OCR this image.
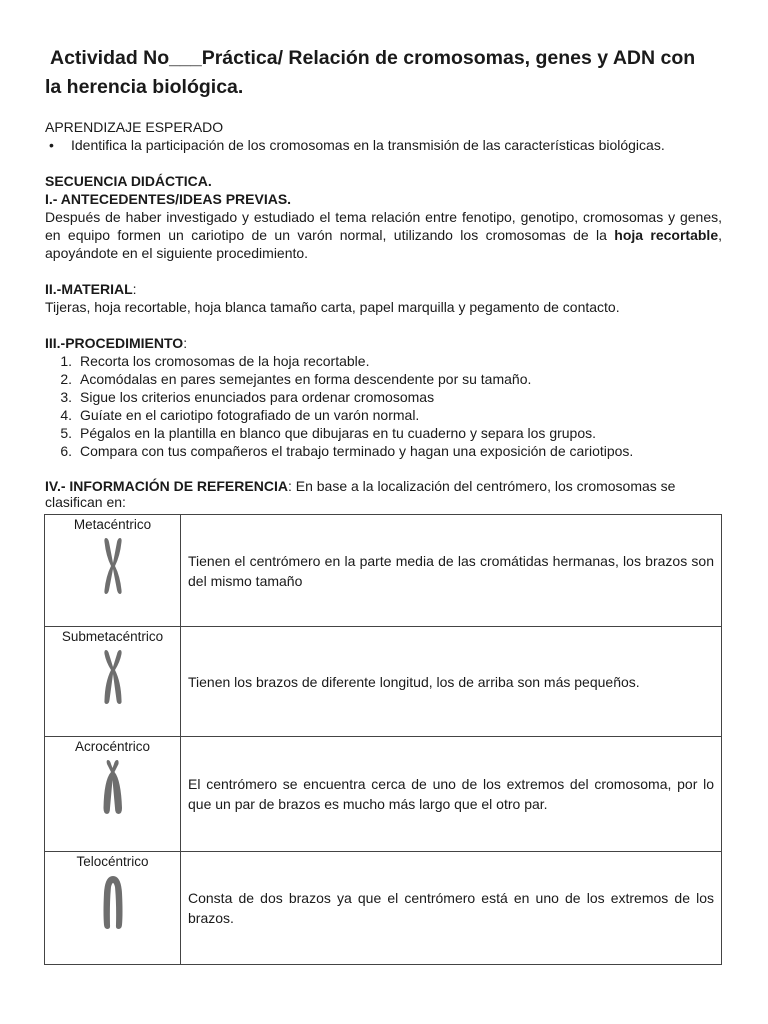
Actividad No___Práctica/ Relación de cromosomas, genes y ADN con
la herencia biológica.

APRENDIZAJE ESPERADO

•	Identifica la participación de los cromosomas en la transmisión de las características biológicas.

SECUENCIA DIDÁCTICA.

I.- ANTECEDENTES/IDEAS PREVIAS.

Después de haber investigado y estudiado el tema relación entre fenotipo, genotipo, cromosomas y genes, en equipo formen un cariotipo de un varón normal, utilizando los cromosomas de la hoja recortable, apoyándote en el siguiente procedimiento.

II.-MATERIAL:

Tijeras, hoja recortable, hoja blanca tamaño carta, papel marquilla y pegamento de contacto.

III.-PROCEDIMIENTO:

1. Recorta los cromosomas de la hoja recortable.
2. Acomódalas en pares semejantes en forma descendente por su tamaño.
3. Sigue los criterios enunciados para ordenar cromosomas
4. Guíate en el cariotipo fotografiado de un varón normal.
5. Pégalos en la plantilla en blanco que dibujaras en tu cuaderno y separa los grupos.
6. Compara con tus compañeros el trabajo terminado y hagan una exposición de cariotipos.

IV.- INFORMACIÓN DE REFERENCIA: En base a la localización del centrómero, los cromosomas se clasifican en:

Metacéntrico	Tienen el centrómero en la parte media de las cromátidas hermanas, los brazos son del mismo tamaño

Submetacéntrico	Tienen los brazos de diferente longitud, los de arriba son más pequeños.

Acrocéntrico	El centrómero se encuentra cerca de uno de los extremos del cromosoma, por lo que un par de brazos es mucho más largo que el otro par.

Telocéntrico	Consta de dos brazos ya que el centrómero está en uno de los extremos de los brazos.
